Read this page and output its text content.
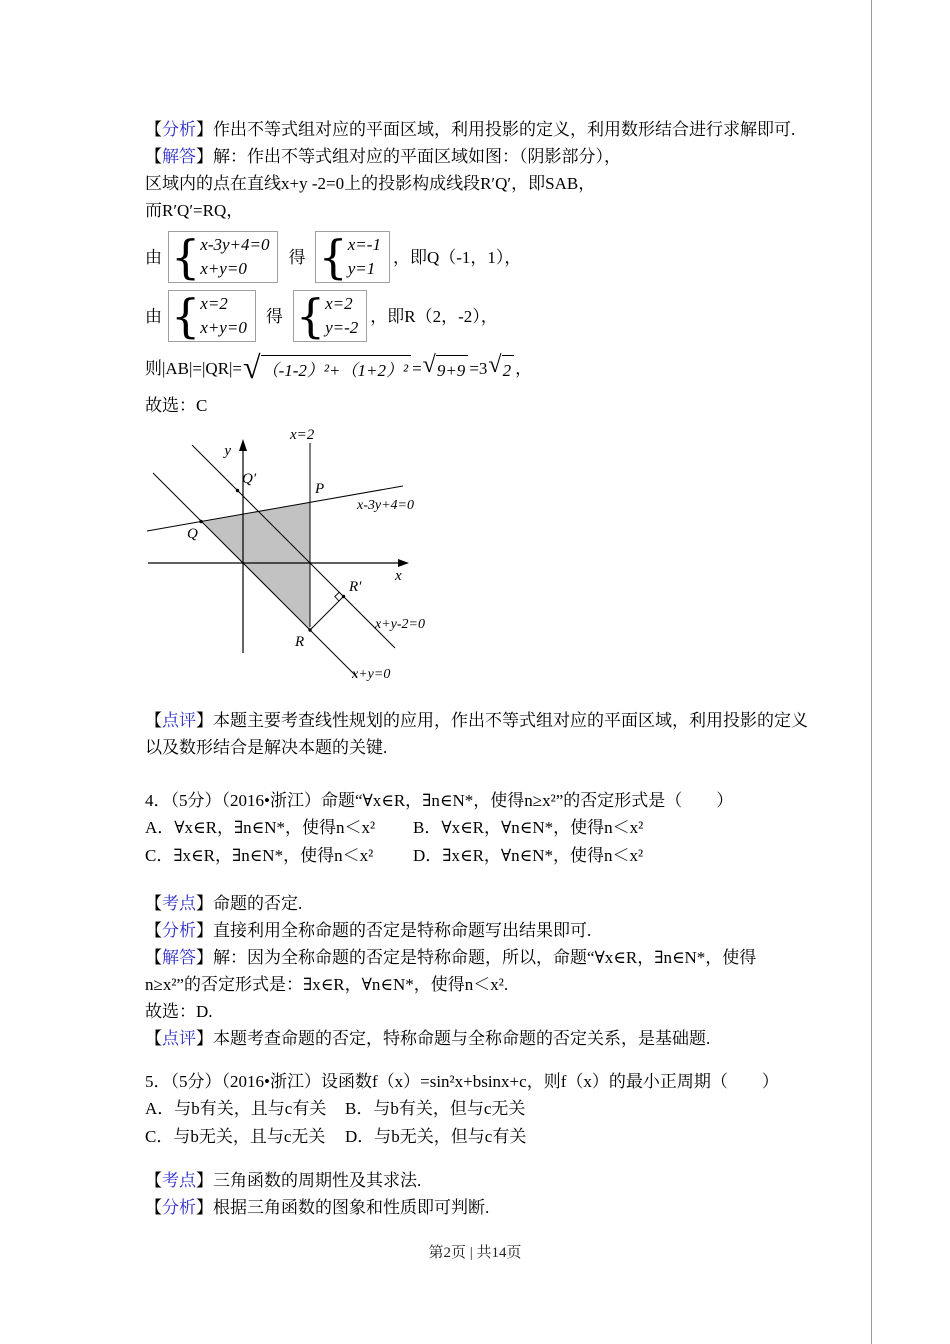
【 分析 】 作出不等式组对应的平面区域，利用投影的定义，利用数形结合进行求解即可.

【 解答 】 解：作出不等式组对应的平面区域如图：（阴影部分），

区域内的点在直线x+y -2=0上的投影构成线段R′Q′，即SAB，

而R′Q′=RQ，

由
{
x-3y+4=0
x+y=0
得
{
x=-1
y=1
，即Q（-1，1），
由
{
x=2
x+y=0
得
{
x=2
y=-2
，即R（2，-2），
则|AB|=|QR|= √ （-1-2）²+（1+2）² = √ 9+9 =3 √ 2 ，

故选：C

x=2
y
x
Q′
P
x-3y+4=0
Q
R′
x+y-2=0
R
x+y=0

【 点评 】 本题主要考查线性规划的应用，作出不等式组对应的平面区域，利用投影的定义

以及数形结合是解决本题的关键.

4．（5分）（2016•浙江）命题“∀x∈R，∃n∈N*，使得n≥x²”的否定形式是（　　）

A．∀x∈R，∃n∈N*，使得n＜x²	B．∀x∈R，∀n∈N*，使得n＜x²
C．∃x∈R，∃n∈N*，使得n＜x²	D．∃x∈R，∀n∈N*，使得n＜x²

【 考点 】 命题的否定.

【 分析 】 直接利用全称命题的否定是特称命题写出结果即可.

【 解答 】 解：因为全称命题的否定是特称命题，所以，命题“∀x∈R，∃n∈N*，使得

n≥x²”的否定形式是：∃x∈R，∀n∈N*，使得n＜x².

故选：D.

【 点评 】 本题考查命题的否定，特称命题与全称命题的否定关系，是基础题.

5．（5分）（2016•浙江）设函数f（x）=sin²x+bsinx+c，则f（x）的最小正周期（　　）

A．与b有关，且与c有关	B．与b有关，但与c无关
C．与b无关，且与c无关	D．与b无关，但与c有关

【 考点 】 三角函数的周期性及其求法.

【 分析 】 根据三角函数的图象和性质即可判断.

第2页 | 共14页
